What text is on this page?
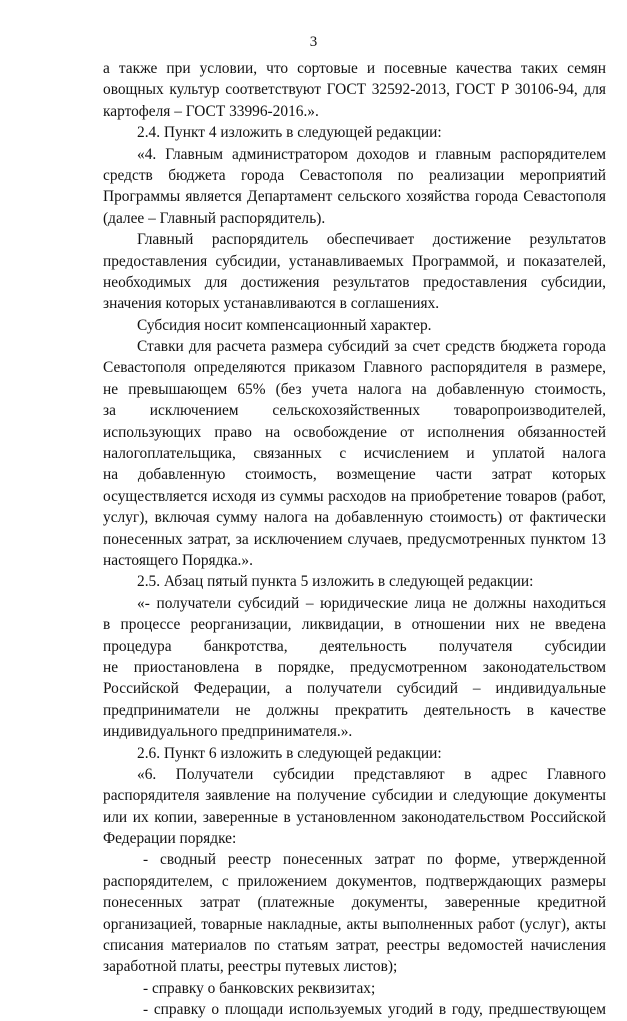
3
а также при условии, что сортовые и посевные качества таких семян
овощных культур соответствуют ГОСТ 32592-2013, ГОСТ Р 30106-94, для
картофеля – ГОСТ 33996-2016.».
2.4. Пункт 4 изложить в следующей редакции:
«4. Главным администратором доходов и главным распорядителем
средств бюджета города Севастополя по реализации мероприятий
Программы является Департамент сельского хозяйства города Севастополя
(далее – Главный распорядитель).
Главный распорядитель обеспечивает достижение результатов
предоставления субсидии, устанавливаемых Программой, и показателей,
необходимых для достижения результатов предоставления субсидии,
значения которых устанавливаются в соглашениях.
Субсидия носит компенсационный характер.
Ставки для расчета размера субсидий за счет средств бюджета города
Севастополя определяются приказом Главного распорядителя в размере,
не превышающем 65% (без учета налога на добавленную стоимость,
за исключением сельскохозяйственных товаропроизводителей,
использующих право на освобождение от исполнения обязанностей
налогоплательщика, связанных с исчислением и уплатой налога
на добавленную стоимость, возмещение части затрат которых
осуществляется исходя из суммы расходов на приобретение товаров (работ,
услуг), включая сумму налога на добавленную стоимость) от фактически
понесенных затрат, за исключением случаев, предусмотренных пунктом 13
настоящего Порядка.».
2.5. Абзац пятый пункта 5 изложить в следующей редакции:
«- получатели субсидий – юридические лица не должны находиться
в процессе реорганизации, ликвидации, в отношении них не введена
процедура банкротства, деятельность получателя субсидии
не приостановлена в порядке, предусмотренном законодательством
Российской Федерации, а получатели субсидий – индивидуальные
предприниматели не должны прекратить деятельность в качестве
индивидуального предпринимателя.».
2.6. Пункт 6 изложить в следующей редакции:
«6. Получатели субсидии представляют в адрес Главного
распорядителя заявление на получение субсидии и следующие документы
или их копии, заверенные в установленном законодательством Российской
Федерации порядке:
- сводный реестр понесенных затрат по форме, утвержденной
распорядителем, с приложением документов, подтверждающих размеры
понесенных затрат (платежные документы, заверенные кредитной
организацией, товарные накладные, акты выполненных работ (услуг), акты
списания материалов по статьям затрат, реестры ведомостей начисления
заработной платы, реестры путевых листов);
- справку о банковских реквизитах;
- справку о площади используемых угодий в году, предшествующем
